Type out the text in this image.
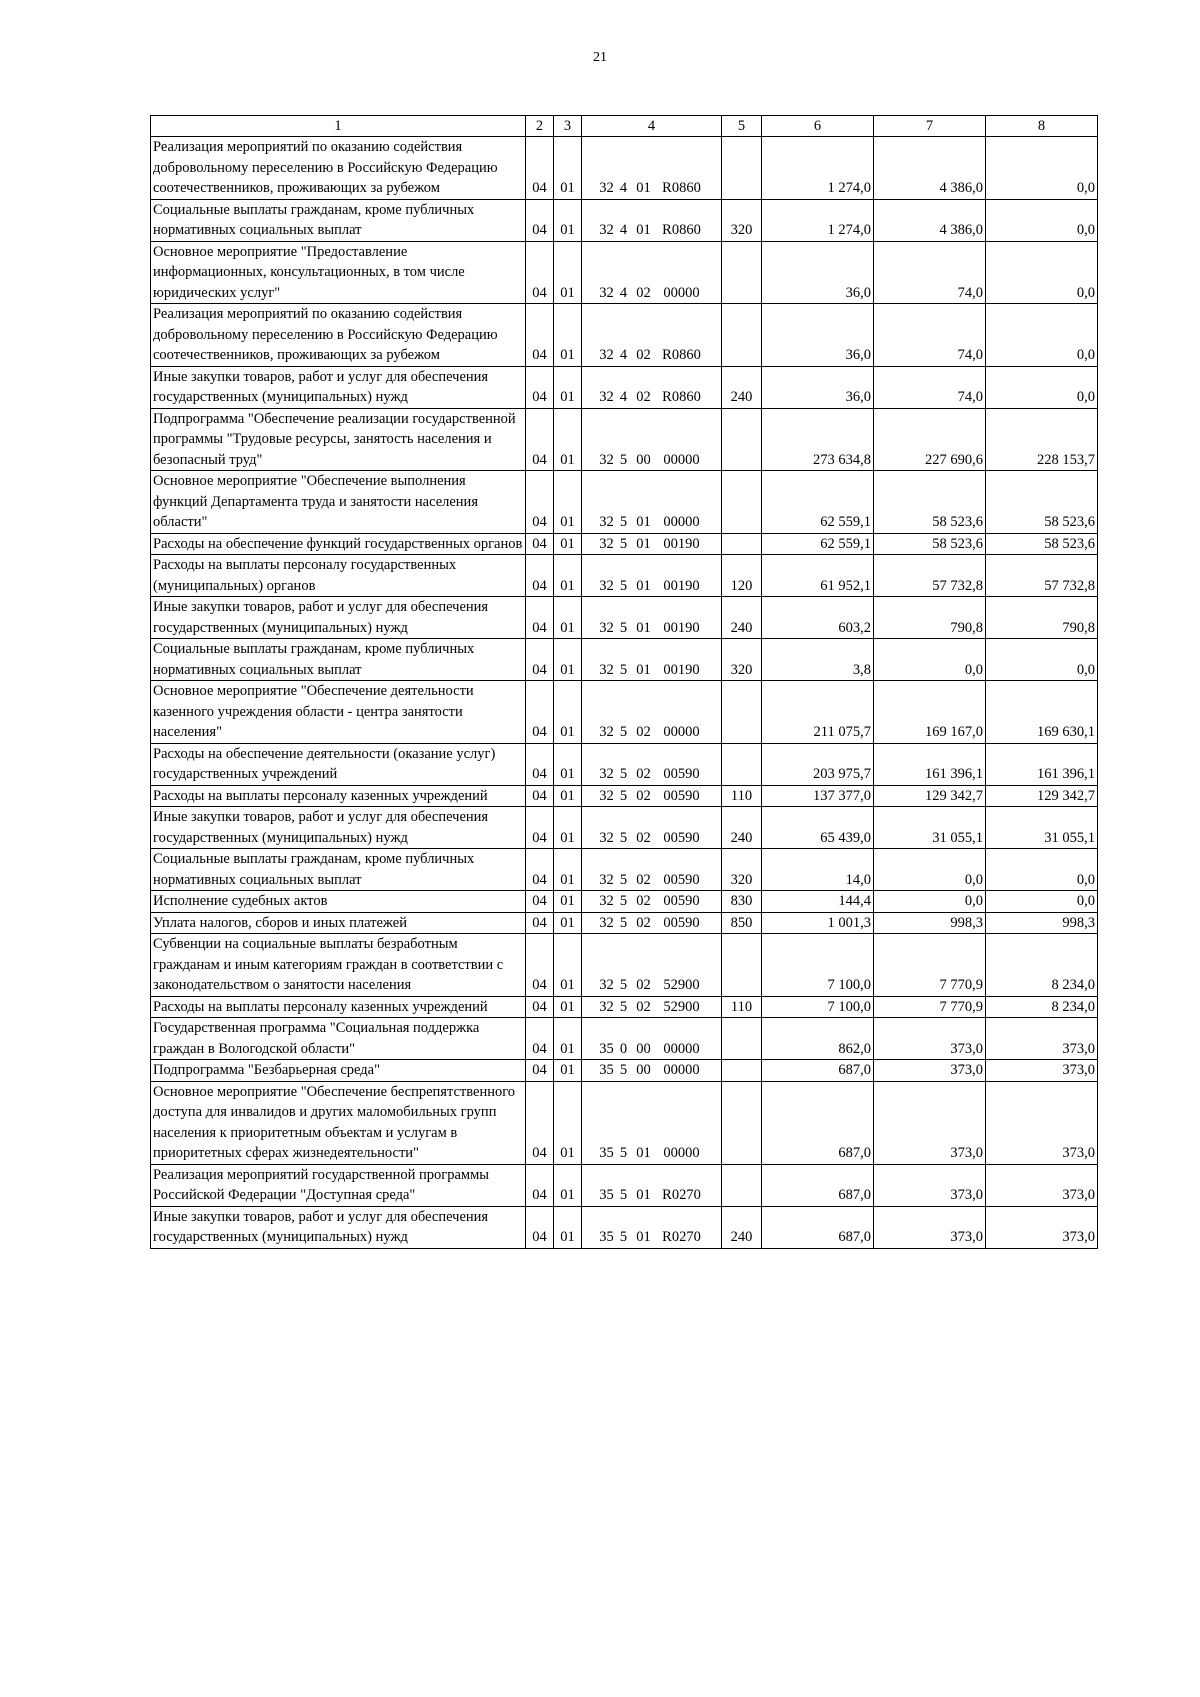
21
1	2	3	4	5	6	7	8
Реализация мероприятий по оказанию содействия добровольному переселению в Российскую Федерацию соотечественников, проживающих за рубежом	04	01	32 4 01 R0860		1 274,0	4 386,0	0,0
Социальные выплаты гражданам, кроме публичных нормативных социальных выплат	04	01	32 4 01 R0860	320	1 274,0	4 386,0	0,0
Основное мероприятие "Предоставление информационных, консультационных, в том числе юридических услуг"	04	01	32 4 02 00000		36,0	74,0	0,0
Реализация мероприятий по оказанию содействия добровольному переселению в Российскую Федерацию соотечественников, проживающих за рубежом	04	01	32 4 02 R0860		36,0	74,0	0,0
Иные закупки товаров, работ и услуг для обеспечения государственных (муниципальных) нужд	04	01	32 4 02 R0860	240	36,0	74,0	0,0
Подпрограмма "Обеспечение реализации государственной программы "Трудовые ресурсы, занятость населения и безопасный труд"	04	01	32 5 00 00000		273 634,8	227 690,6	228 153,7
Основное мероприятие "Обеспечение выполнения функций Департамента труда и занятости населения области"	04	01	32 5 01 00000		62 559,1	58 523,6	58 523,6
Расходы на обеспечение функций государственных органов	04	01	32 5 01 00190		62 559,1	58 523,6	58 523,6
Расходы на выплаты персоналу государственных (муниципальных) органов	04	01	32 5 01 00190	120	61 952,1	57 732,8	57 732,8
Иные закупки товаров, работ и услуг для обеспечения государственных (муниципальных) нужд	04	01	32 5 01 00190	240	603,2	790,8	790,8
Социальные выплаты гражданам, кроме публичных нормативных социальных выплат	04	01	32 5 01 00190	320	3,8	0,0	0,0
Основное мероприятие "Обеспечение деятельности казенного учреждения области - центра занятости населения"	04	01	32 5 02 00000		211 075,7	169 167,0	169 630,1
Расходы на обеспечение деятельности (оказание услуг) государственных учреждений	04	01	32 5 02 00590		203 975,7	161 396,1	161 396,1
Расходы на выплаты персоналу казенных учреждений	04	01	32 5 02 00590	110	137 377,0	129 342,7	129 342,7
Иные закупки товаров, работ и услуг для обеспечения государственных (муниципальных) нужд	04	01	32 5 02 00590	240	65 439,0	31 055,1	31 055,1
Социальные выплаты гражданам, кроме публичных нормативных социальных выплат	04	01	32 5 02 00590	320	14,0	0,0	0,0
Исполнение судебных актов	04	01	32 5 02 00590	830	144,4	0,0	0,0
Уплата налогов, сборов и иных платежей	04	01	32 5 02 00590	850	1 001,3	998,3	998,3
Субвенции на социальные выплаты безработным гражданам и иным категориям граждан в соответствии с законодательством о занятости населения	04	01	32 5 02 52900		7 100,0	7 770,9	8 234,0
Расходы на выплаты персоналу казенных учреждений	04	01	32 5 02 52900	110	7 100,0	7 770,9	8 234,0
Государственная программа "Социальная поддержка граждан в Вологодской области"	04	01	35 0 00 00000		862,0	373,0	373,0
Подпрограмма "Безбарьерная среда"	04	01	35 5 00 00000		687,0	373,0	373,0
Основное мероприятие "Обеспечение беспрепятственного доступа для инвалидов и других маломобильных групп населения к приоритетным объектам и услугам в приоритетных сферах жизнедеятельности"	04	01	35 5 01 00000		687,0	373,0	373,0
Реализация мероприятий государственной программы Российской Федерации "Доступная среда"	04	01	35 5 01 R0270		687,0	373,0	373,0
Иные закупки товаров, работ и услуг для обеспечения государственных (муниципальных) нужд	04	01	35 5 01 R0270	240	687,0	373,0	373,0
